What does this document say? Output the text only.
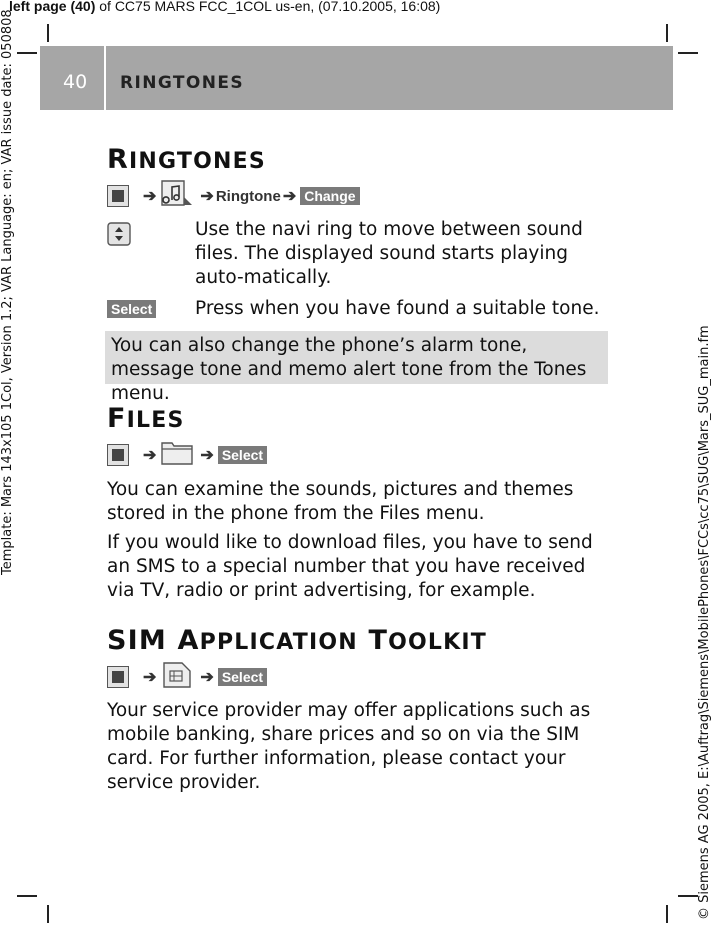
left page (40) of CC75 MARS FCC_1COL us-en, (07.10.2005, 16:08)
Template: Mars 143x105 1Col, Version 1.2; VAR Language: en; VAR issue date: 050808
© Siemens AG 2005, E:\Auftrag\Siemens\MobilePhones\FCCs\cc75\SUG\Mars_SUG_main.fm
40 RINGTONES
RINGTONES
➔	➔ Ringtone ➔ Change
Use the navi ring to move between sound files. The displayed sound starts playing auto-matically.
Select Press when you have found a suitable tone.

You can also change the phone’s alarm tone, message tone and memo alert tone from the Tones menu.

FILES
➔	➔ Select

You can examine the sounds, pictures and themes stored in the phone from the Files menu.

If you would like to download files, you have to send an SMS to a special number that you have received via TV, radio or print advertising, for example.

SIM APPLICATION TOOLKIT
➔	➔ Select

Your service provider may offer applications such as mobile banking, share prices and so on via the SIM card. For further information, please contact your service provider.
